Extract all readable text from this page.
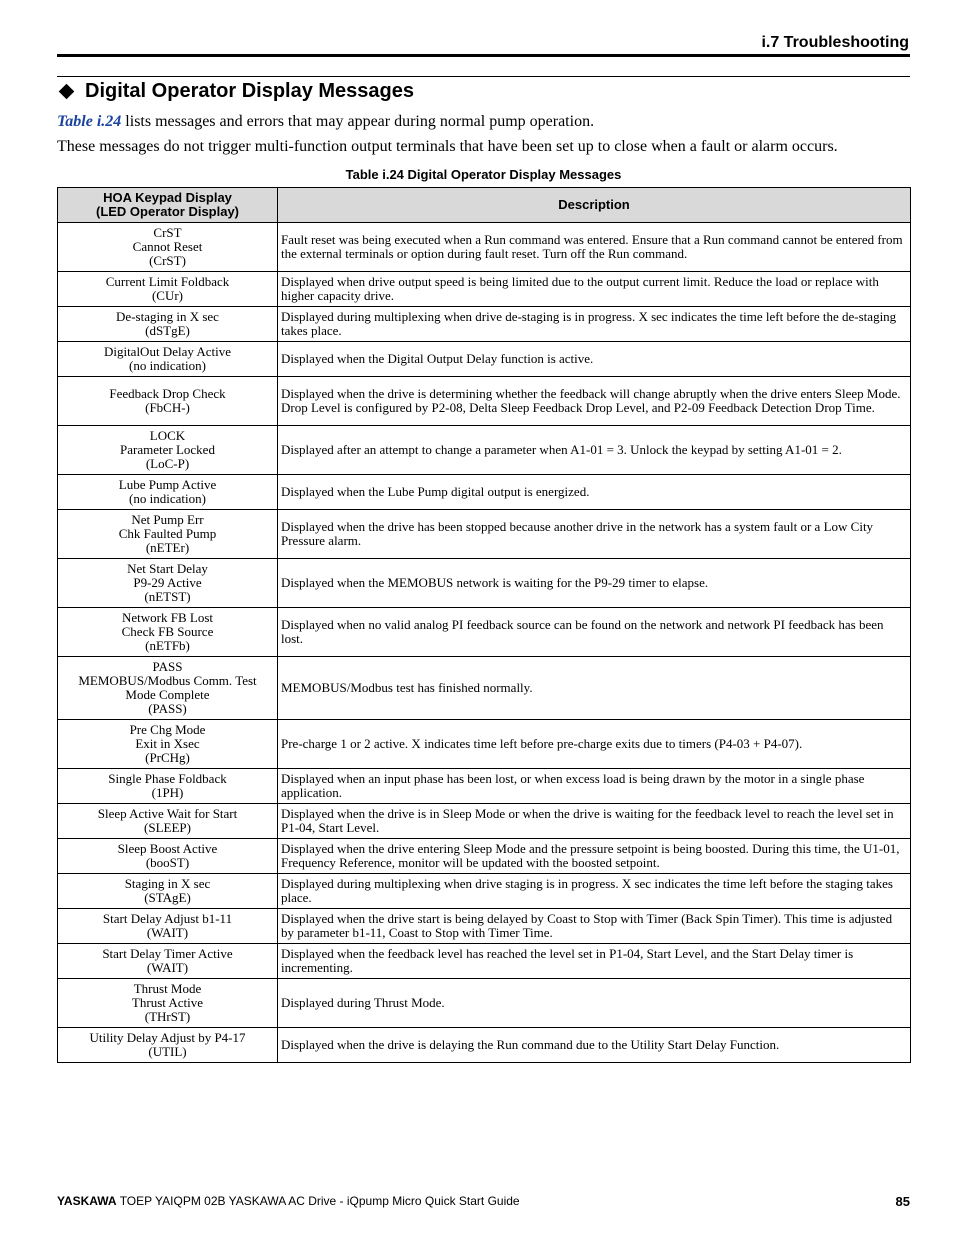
i.7 Troubleshooting
Digital Operator Display Messages
Table i.24 lists messages and errors that may appear during normal pump operation.
These messages do not trigger multi-function output terminals that have been set up to close when a fault or alarm occurs.
Table i.24 Digital Operator Display Messages
HOA Keypad Display
(LED Operator Display)	Description
CrST
Cannot Reset
(CrST)	Fault reset was being executed when a Run command was entered. Ensure that a Run command cannot be entered from the external terminals or option during fault reset. Turn off the Run command.
Current Limit Foldback
(CUr)	Displayed when drive output speed is being limited due to the output current limit. Reduce the load or replace with higher capacity drive.
De-staging in X sec
(dSTgE)	Displayed during multiplexing when drive de-staging is in progress. X sec indicates the time left before the de-staging takes place.
DigitalOut Delay Active
(no indication)	Displayed when the Digital Output Delay function is active.
Feedback Drop Check
(FbCH-)	Displayed when the drive is determining whether the feedback will change abruptly when the drive enters Sleep Mode. Drop Level is configured by P2-08, Delta Sleep Feedback Drop Level, and P2-09 Feedback Detection Drop Time.
LOCK
Parameter Locked
(LoC-P)	Displayed after an attempt to change a parameter when A1-01 = 3. Unlock the keypad by setting A1-01 = 2.
Lube Pump Active
(no indication)	Displayed when the Lube Pump digital output is energized.
Net Pump Err
Chk Faulted Pump
(nETEr)	Displayed when the drive has been stopped because another drive in the network has a system fault or a Low City Pressure alarm.
Net Start Delay
P9-29 Active
(nETST)	Displayed when the MEMOBUS network is waiting for the P9-29 timer to elapse.
Network FB Lost
Check FB Source
(nETFb)	Displayed when no valid analog PI feedback source can be found on the network and network PI feedback has been lost.
PASS
MEMOBUS/Modbus Comm. Test
Mode Complete
(PASS)	MEMOBUS/Modbus test has finished normally.
Pre Chg Mode
Exit in Xsec
(PrCHg)	Pre-charge 1 or 2 active. X indicates time left before pre-charge exits due to timers (P4-03 + P4-07).
Single Phase Foldback
(1PH)	Displayed when an input phase has been lost, or when excess load is being drawn by the motor in a single phase application.
Sleep Active Wait for Start
(SLEEP)	Displayed when the drive is in Sleep Mode or when the drive is waiting for the feedback level to reach the level set in P1-04, Start Level.
Sleep Boost Active
(booST)	Displayed when the drive entering Sleep Mode and the pressure setpoint is being boosted. During this time, the U1-01, Frequency Reference, monitor will be updated with the boosted setpoint.
Staging in X sec
(STAgE)	Displayed during multiplexing when drive staging is in progress. X sec indicates the time left before the staging takes place.
Start Delay Adjust b1-11
(WAIT)	Displayed when the drive start is being delayed by Coast to Stop with Timer (Back Spin Timer). This time is adjusted by parameter b1-11, Coast to Stop with Timer Time.
Start Delay Timer Active
(WAIT)	Displayed when the feedback level has reached the level set in P1-04, Start Level, and the Start Delay timer is incrementing.
Thrust Mode
Thrust Active
(THrST)	Displayed during Thrust Mode.
Utility Delay Adjust by P4-17
(UTIL)	Displayed when the drive is delaying the Run command due to the Utility Start Delay Function.
YASKAWA TOEP YAIQPM 02B YASKAWA AC Drive - iQpump Micro Quick Start Guide	85
